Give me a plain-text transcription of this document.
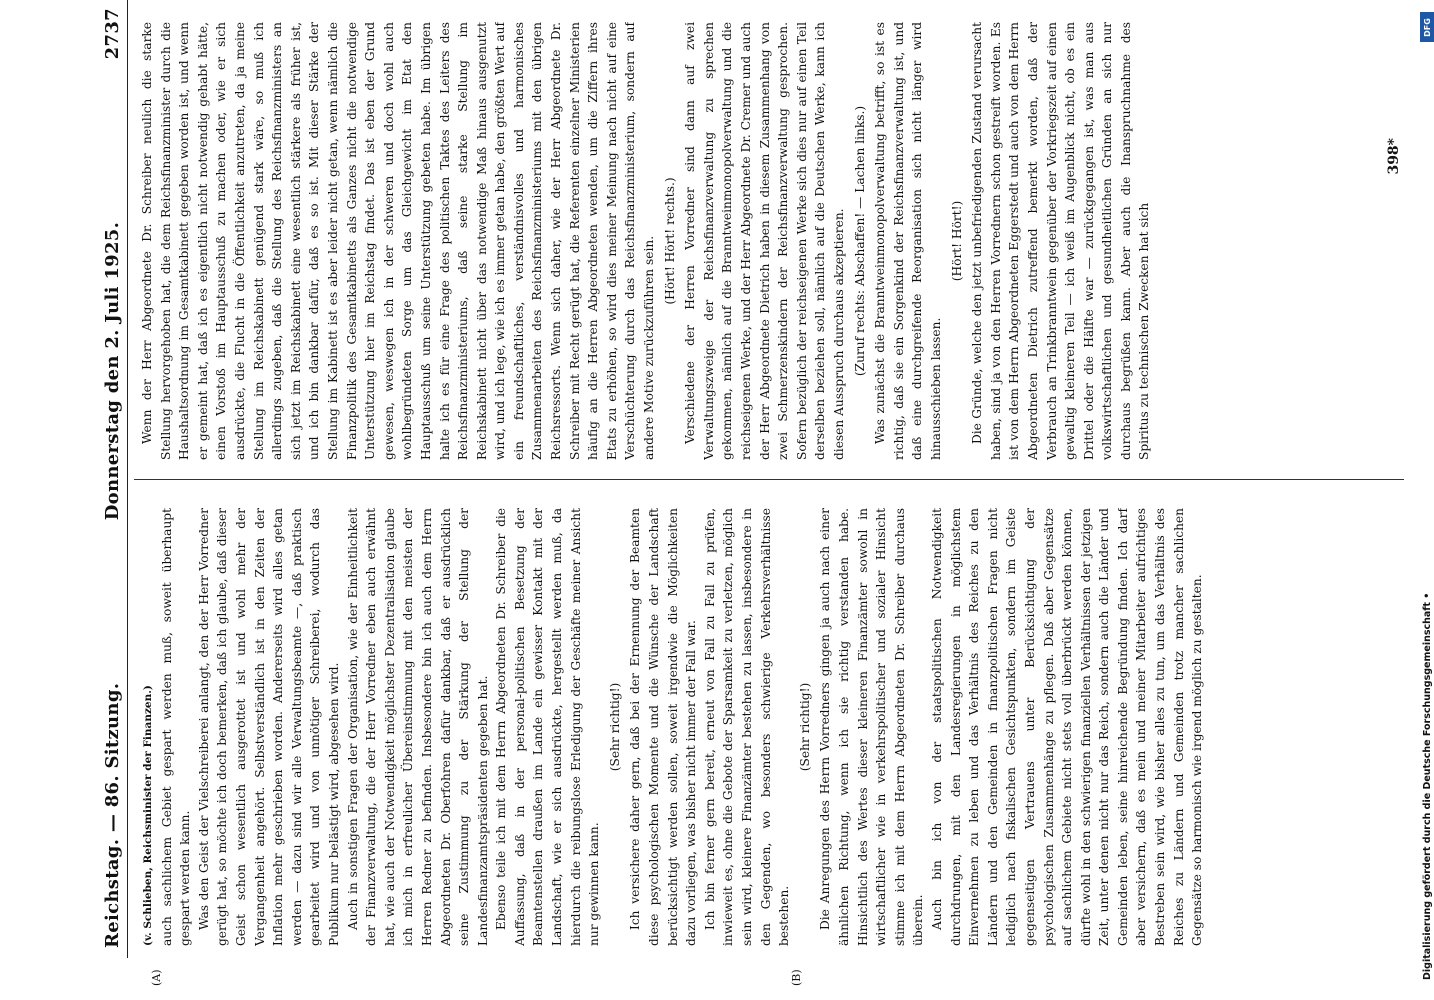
Reichstag. — 86. Sitzung.
Donnerstag den 2. Juli 1925.
2737
(A)	(B)

(v. Schlieben, Reichsminister der Finanzen.) auch sachlichem Gebiet gespart werden muß, soweit überhaupt gespart werden kann. Was den Geist der Vielschreiberei anlangt, den der Herr Vorredner gerügt hat, so möchte ich doch bemerken, daß ich glaube, daß dieser Geist schon wesentlich ausgerottet ist und wohl mehr der Vergangenheit angehört. Selbstverständlich ist in den Zeiten der Inflation mehr geschrieben worden. Andererseits wird alles getan werden — dazu sind wir alle Verwaltungsbeamte —, daß praktisch gearbeitet wird und von unnötiger Schreiberei, wodurch das Publikum nur belästigt wird, abgesehen wird. Auch in sonstigen Fragen der Organisation, wie der Einheitlichkeit der Finanzverwaltung, die der Herr Vorredner eben auch erwähnt hat, wie auch der Notwendigkeit möglichster Dezentralisation glaube ich mich in erfreulicher Übereinstimmung mit den meisten der Herren Redner zu befinden. Insbesondere bin ich auch dem Herrn Abgeordneten Dr. Oberfohren dafür dankbar, daß er ausdrücklich seine Zustimmung zu der Stärkung der Stellung der Landesfinanzamtspräsidenten gegeben hat. Ebenso teile ich mit dem Herrn Abgeordneten Dr. Schreiber die Auffassung, daß in der personal-politischen Besetzung der Beamtenstellen draußen im Lande ein gewisser Kontakt mit der Landschaft, wie er sich ausdrückte, hergestellt werden muß, da hierdurch die reibungslose Erledigung der Geschäfte meiner Ansicht nur gewinnen kann.

(Sehr richtig!) Ich versichere daher gern, daß bei der Ernennung der Beamten diese psychologischen Momente und die Wünsche der Landschaft berücksichtigt werden sollen, soweit irgendwie die Möglichkeiten dazu vorliegen, was bisher nicht immer der Fall war. Ich bin ferner gern bereit, erneut von Fall zu Fall zu prüfen, inwieweit es, ohne die Gebote der Sparsamkeit zu verletzen, möglich sein wird, kleinere Finanzämter bestehen zu lassen, insbesondere in den Gegenden, wo besonders schwierige Verkehrsverhältnisse bestehen.

(Sehr richtig!) Die Anregungen des Herrn Vorredners gingen ja auch nach einer ähnlichen Richtung, wenn ich sie richtig verstanden habe. Hinsichtlich des Wertes dieser kleineren Finanzämter sowohl in wirtschaftlicher wie in verkehrspolitischer und sozialer Hinsicht stimme ich mit dem Herrn Abgeordneten Dr. Schreiber durchaus überein. Auch bin ich von der staatspolitischen Notwendigkeit durchdrungen, mit den Landesregierungen in möglichstem Einvernehmen zu leben und das Verhältnis des Reiches zu den Ländern und den Gemeinden in finanzpolitischen Fragen nicht lediglich nach fiskalischen Gesichtspunkten, sondern im Geiste gegenseitigen Vertrauens unter Berücksichtigung der psychologischen Zusammenhänge zu pflegen. Daß aber Gegensätze auf sachlichem Gebiete nicht stets voll überbrückt werden können, dürfte wohl in den schwierigen finanziellen Verhältnissen der jetzigen Zeit, unter denen nicht nur das Reich, sondern auch die Länder und Gemeinden leben, seine hinreichende Begründung finden. Ich darf aber versichern, daß es mein und meiner Mitarbeiter aufrichtiges Bestreben sein wird, wie bisher alles zu tun, um das Verhältnis des Reiches zu Ländern und Gemeinden trotz mancher sachlichen Gegensätze so harmonisch wie irgend möglich zu gestalten.

Wenn der Herr Abgeordnete Dr. Schreiber neulich die starke Stellung hervorgehoben hat, die dem Reichsfinanzminister durch die Haushaltsordnung im Gesamtkabinett gegeben worden ist, und wenn er gemeint hat, daß ich es eigentlich nicht notwendig gehabt hätte, einen Vorstoß im Hauptausschuß zu machen oder, wie er sich ausdrückte, die Flucht in die Öffentlichkeit anzutreten, da ja meine Stellung im Reichskabinett genügend stark wäre, so muß ich allerdings zugeben, daß die Stellung des Reichsfinanzministers an sich jetzt im Reichskabinett eine wesentlich stärkere als früher ist, und ich bin dankbar dafür, daß es so ist. Mit dieser Stärke der Stellung im Kabinett ist es aber leider nicht getan, wenn nämlich die Finanzpolitik des Gesamtkabinetts als Ganzes nicht die notwendige Unterstützung hier im Reichstag findet. Das ist eben der Grund gewesen, weswegen ich in der schweren und doch wohl auch wohlbegründeten Sorge um das Gleichgewicht im Etat den Hauptausschuß um seine Unterstützung gebeten habe. Im übrigen halte ich es für eine Frage des politischen Taktes des Leiters des Reichsfinanzministeriums, daß seine starke Stellung im Reichskabinett nicht über das notwendige Maß hinaus ausgenutzt wird, und ich lege, wie ich es immer getan habe, den größten Wert auf ein freundschaftliches, verständnisvolles und harmonisches Zusammenarbeiten des Reichsfinanzministeriums mit den übrigen Reichsressorts. Wenn sich daher, wie der Herr Abgeordnete Dr. Schreiber mit Recht gerügt hat, die Referenten einzelner Ministerien häufig an die Herren Abgeordneten wenden, um die Ziffern ihres Etats zu erhöhen, so wird dies meiner Meinung nach nicht auf eine Verschüchterung durch das Reichsfinanzministerium, sondern auf andere Motive zurückzuführen sein. (Hört! Hört! rechts.) Verschiedene der Herren Vorredner sind dann auf zwei Verwaltungszweige der Reichsfinanzverwaltung zu sprechen gekommen, nämlich auf die Branntweinmonopolverwaltung und die reichseigenen Werke, und der Herr Abgeordnete Dr. Cremer und auch der Herr Abgeordnete Dietrich haben in diesem Zusammenhang von zwei Schmerzenskindern der Reichsfinanzverwaltung gesprochen. Sofern bezüglich der reichseigenen Werke sich dies nur auf einen Teil derselben beziehen soll, nämlich auf die Deutschen Werke, kann ich diesen Ausspruch durchaus akzeptieren. (Zuruf rechts: Abschaffen! — Lachen links.) Was zunächst die Branntweinmonopolverwaltung betrifft, so ist es richtig, daß sie ein Sorgenkind der Reichsfinanzverwaltung ist, und daß eine durchgreifende Reorganisation sich nicht länger wird hinausschieben lassen.

(Hört! Hört!) Die Gründe, welche den jetzt unbefriedigenden Zustand verursacht haben, sind ja von den Herren Vorrednern schon gestreift worden. Es ist von dem Herrn Abgeordneten Eggerstedt und auch von dem Herrn Abgeordneten Dietrich zutreffend bemerkt worden, daß der Verbrauch an Trinkbranntwein gegenüber der Vorkriegszeit auf einen gewaltig kleineren Teil — ich weiß im Augenblick nicht, ob es ein Drittel oder die Hälfte war — zurückgegangen ist, was man aus volkswirtschaftlichen und gesundheitlichen Gründen an sich nur durchaus begrüßen kann. Aber auch die Inanspruchnahme des Spiritus zu technischen Zwecken hat sich

398*
DFG
Digitalisierung gefördert durch die Deutsche Forschungsgemeinschaft •
